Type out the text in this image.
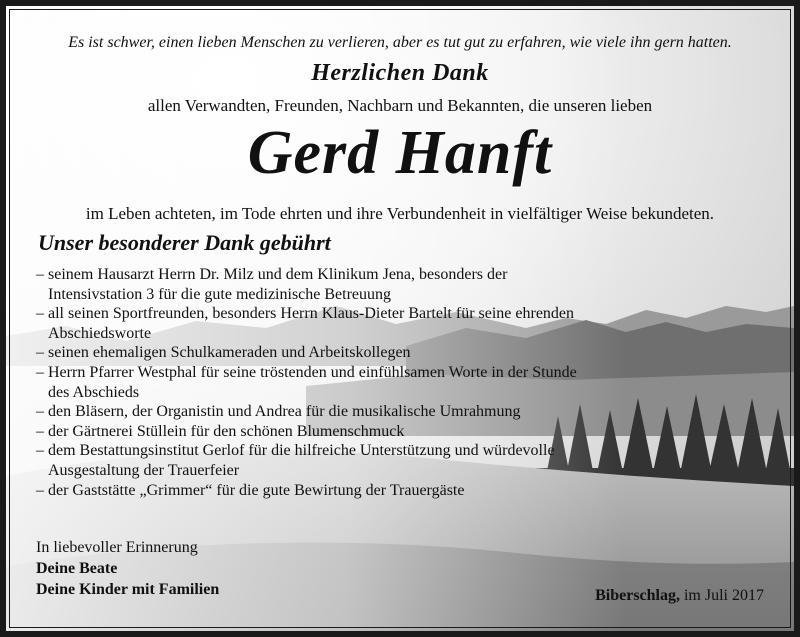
Es ist schwer, einen lieben Menschen zu verlieren, aber es tut gut zu erfahren, wie viele ihn gern hatten.
Herzlichen Dank
allen Verwandten, Freunden, Nachbarn und Bekannten, die unseren lieben
Gerd Hanft
im Leben achteten, im Tode ehrten und ihre Verbundenheit in vielfältiger Weise bekundeten.
Unser besonderer Dank gebührt
– seinem Hausarzt Herrn Dr. Milz und dem Klinikum Jena, besonders der Intensivstation 3 für die gute medizinische Betreuung
– all seinen Sportfreunden, besonders Herrn Klaus-Dieter Bartelt für seine ehrenden Abschiedsworte
– seinen ehemaligen Schulkameraden und Arbeitskollegen
– Herrn Pfarrer Westphal für seine tröstenden und einfühlsamen Worte in der Stunde des Abschieds
– den Bläsern, der Organistin und Andrea für die musikalische Umrahmung
– der Gärtnerei Stüllein für den schönen Blumenschmuck
– dem Bestattungsinstitut Gerlof für die hilfreiche Unterstützung und würdevolle Ausgestaltung der Trauerfeier
– der Gaststätte „Grimmer“ für die gute Bewirtung der Trauergäste
In liebevoller Erinnerung
Deine Beate
Deine Kinder mit Familien	Biberschlag, im Juli 2017
